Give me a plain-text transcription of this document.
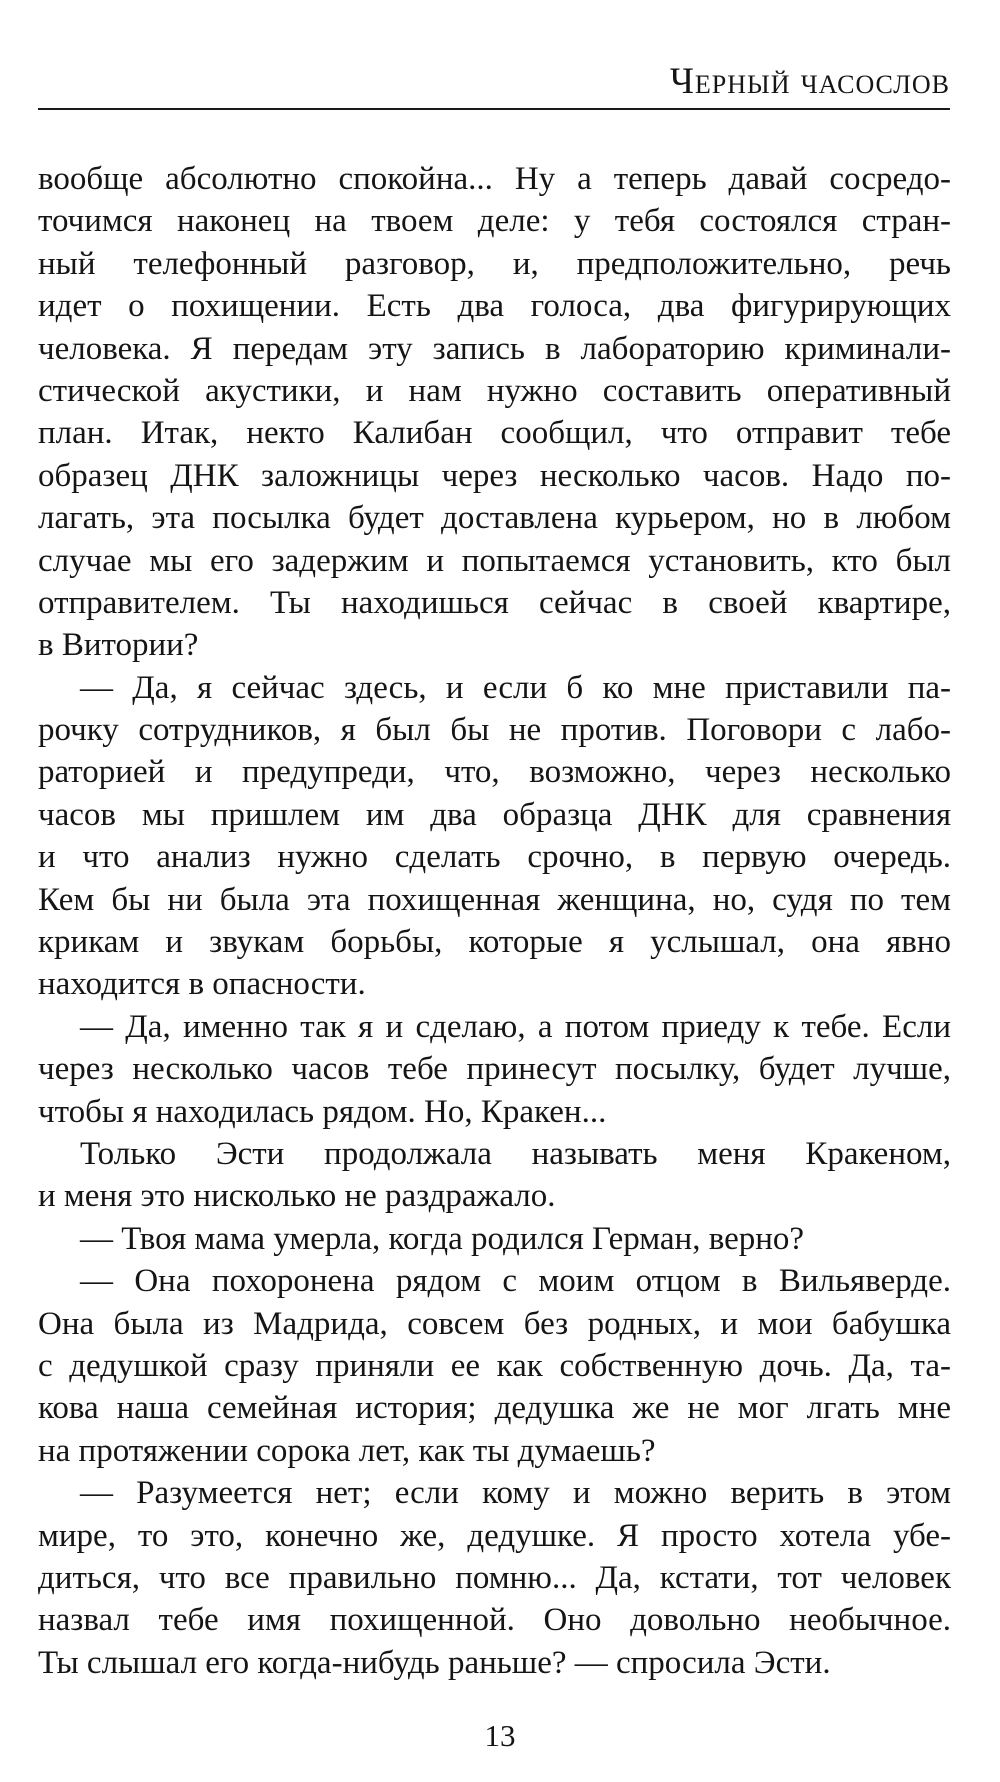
Черный часослов
вообще абсолютно спокойна... Ну а теперь давай сосредо-
точимся наконец на твоем деле: у тебя состоялся стран-
ный телефонный разговор, и, предположительно, речь
идет о похищении. Есть два голоса, два фигурирующих
человека. Я передам эту запись в лабораторию криминали-
стической акустики, и нам нужно составить оперативный
план. Итак, некто Калибан сообщил, что отправит тебе
образец ДНК заложницы через несколько часов. Надо по-
лагать, эта посылка будет доставлена курьером, но в любом
случае мы его задержим и попытаемся установить, кто был
отправителем. Ты находишься сейчас в своей квартире,
в Витории?
— Да, я сейчас здесь, и если б ко мне приставили па-
рочку сотрудников, я был бы не против. Поговори с лабо-
раторией и предупреди, что, возможно, через несколько
часов мы пришлем им два образца ДНК для сравнения
и что анализ нужно сделать срочно, в первую очередь.
Кем бы ни была эта похищенная женщина, но, судя по тем
крикам и звукам борьбы, которые я услышал, она явно
находится в опасности.
— Да, именно так я и сделаю, а потом приеду к тебе. Если
через несколько часов тебе принесут посылку, будет лучше,
чтобы я находилась рядом. Но, Кракен...
Только Эсти продолжала называть меня Кракеном,
и меня это нисколько не раздражало.
— Твоя мама умерла, когда родился Герман, верно?
— Она похоронена рядом с моим отцом в Вильяверде.
Она была из Мадрида, совсем без родных, и мои бабушка
с дедушкой сразу приняли ее как собственную дочь. Да, та-
кова наша семейная история; дедушка же не мог лгать мне
на протяжении сорока лет, как ты думаешь?
— Разумеется нет; если кому и можно верить в этом
мире, то это, конечно же, дедушке. Я просто хотела убе-
диться, что все правильно помню... Да, кстати, тот человек
назвал тебе имя похищенной. Оно довольно необычное.
Ты слышал его когда-нибудь раньше? — спросила Эсти.
13
